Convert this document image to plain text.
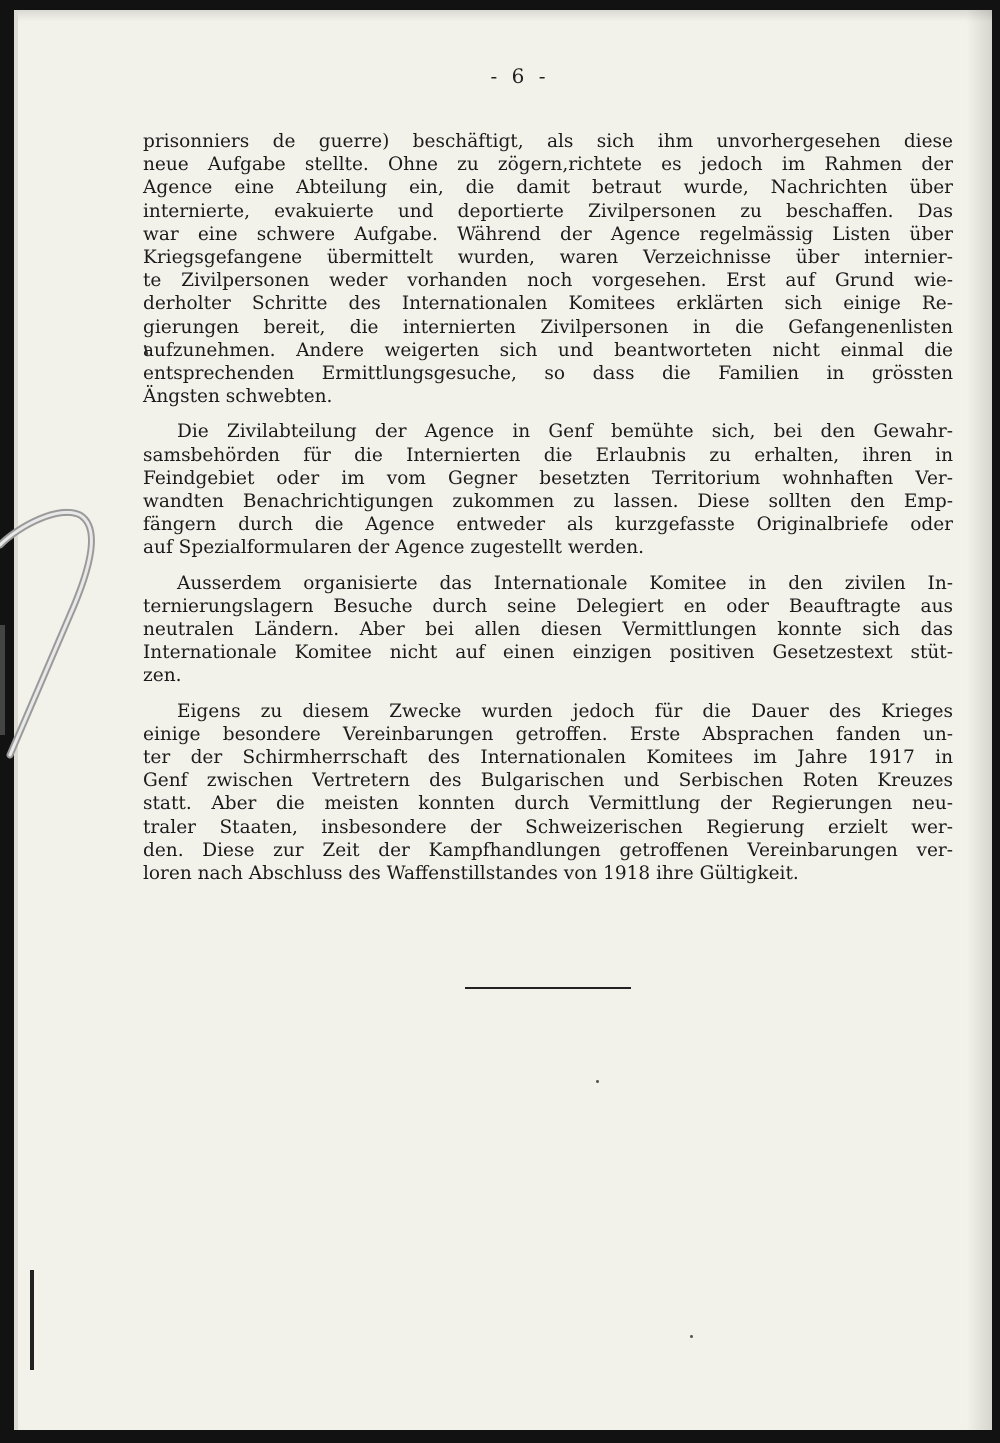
- 6 -

prisonniers de guerre) beschäftigt, als sich ihm unvorhergesehen diese
neue Aufgabe stellte. Ohne zu zögern,richtete es jedoch im Rahmen der
Agence eine Abteilung ein, die damit betraut wurde, Nachrichten über
internierte, evakuierte und deportierte Zivilpersonen zu beschaffen. Das
war eine schwere Aufgabe. Während der Agence regelmässig Listen über
Kriegsgefangene übermittelt wurden, waren Verzeichnisse über internier-
te Zivilpersonen weder vorhanden noch vorgesehen. Erst auf Grund wie-
derholter Schritte des Internationalen Komitees erklärten sich einige Re-
gierungen bereit, die internierten Zivilpersonen in die Gefangenenlisten
aufzunehmen. Andere weigerten sich und beantworteten nicht einmal die
entsprechenden Ermittlungsgesuche, so dass die Familien in grössten
Ängsten schwebten.

Die Zivilabteilung der Agence in Genf bemühte sich, bei den Gewahr-
samsbehörden für die Internierten die Erlaubnis zu erhalten, ihren in
Feindgebiet oder im vom Gegner besetzten Territorium wohnhaften Ver-
wandten Benachrichtigungen zukommen zu lassen. Diese sollten den Emp-
fängern durch die Agence entweder als kurzgefasste Originalbriefe oder
auf Spezialformularen der Agence zugestellt werden.

Ausserdem organisierte das Internationale Komitee in den zivilen In-
ternierungslagern Besuche durch seine Delegiert en oder Beauftragte aus
neutralen Ländern. Aber bei allen diesen Vermittlungen konnte sich das
Internationale Komitee nicht auf einen einzigen positiven Gesetzestext stüt-
zen.

Eigens zu diesem Zwecke wurden jedoch für die Dauer des Krieges
einige besondere Vereinbarungen getroffen. Erste Absprachen fanden un-
ter der Schirmherrschaft des Internationalen Komitees im Jahre 1917 in
Genf zwischen Vertretern des Bulgarischen und Serbischen Roten Kreuzes
statt. Aber die meisten konnten durch Vermittlung der Regierungen neu-
traler Staaten, insbesondere der Schweizerischen Regierung erzielt wer-
den. Diese zur Zeit der Kampfhandlungen getroffenen Vereinbarungen ver-
loren nach Abschluss des Waffenstillstandes von 1918 ihre Gültigkeit.
